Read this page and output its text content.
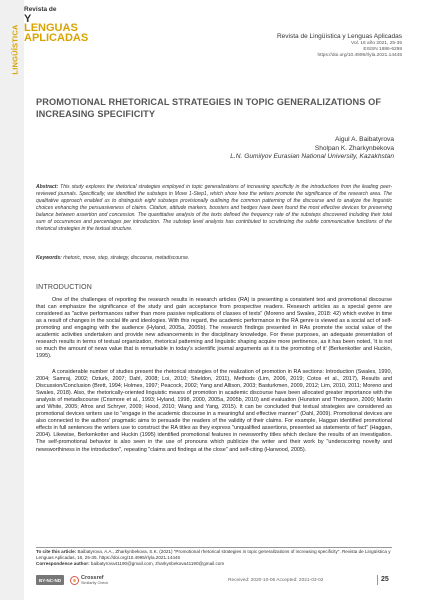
LINGÜÍSTICA
Revista de
Y
LENGUAS
APLICADAS	Revista de Lingüística y Lenguas Aplicadas
Vol. 16 año 2021, 25-35
EISSN 1886-6298
https://doi.org/10.4995/rlyla.2021.14445
PROMOTIONAL RHETORICAL STRATEGIES IN TOPIC GENERALIZATIONS OF INCREASING SPECIFICITY
Aigul A. Baibatyrova
Sholpan K. Zharkynbekova
L.N. Gumilyov Eurasian National University, Kazakhstan
Abstract: This study explores the rhetorical strategies employed in topic generalizations of increasing specificity in the introductions from the leading peer-reviewed journals. Specifically, we identified the substeps in Move 1-Step1, which show how the writers promote the significance of the research area. The qualitative approach enabled us to distinguish eight substeps provisionally outlining the common patterning of the discourse and to analyze the linguistic choices enhancing the persuasiveness of claims. Citation, attitude markers, boosters and hedges have been found the most effective devices for preserving balance between assertion and concession. The quantitative analysis of the texts defined the frequency rate of the substeps discovered including their total sum of occurrences and percentages per introduction. The substep level analysis has contributed to scrutinizing the subtle communicative functions of the rhetorical strategies in the textual structure.
Keywords: rhetoric, move, step, strategy, discourse, metadiscourse.
INTRODUCTION
One of the challenges of reporting the research results in research articles (RA) is presenting a consistent text and promotional discourse that can emphasize the significance of the study and gain acceptance from prospective readers. Research articles as a special genre are considered as "active performances rather than more passive replications of classes of texts" (Moreno and Swales, 2018: 42) which evolve in time as a result of changes in the social life and ideologies. With this regard, the academic performance in the RA genre is viewed as a social act of self-promoting and engaging with the audience (Hyland, 2005a, 2005b). The research findings presented in RAs promote the social value of the academic activities undertaken and provide new advancements in the disciplinary knowledge. For these purposes, an adequate presentation of research results in terms of textual organization, rhetorical patterning and linguistic shaping acquire more pertinence, as it has been noted, 'it is not so much the amount of news value that is remarkable in today's scientific journal arguments as it is the promoting of it' (Berkenkotter and Huckin, 1995).
A considerable number of studies present the rhetorical strategies of the realization of promotion in RA sections: Introduction (Swales, 1990, 2004; Samraj, 2002; Ozturk, 2007; Dahl, 2008; Loi, 2010; Sheldon, 2011), Methods (Lim, 2006, 2019; Cotos et al., 2017), Results and Discussion/Conclusion (Brett, 1994; Holmes, 1997; Peacock, 2002; Yang and Allison, 2003; Basturkmen, 2009, 2012; Lim, 2010, 2011; Moreno and Swales, 2018). Also, the rhetorically-oriented linguistic means of promotion in academic discourse have been allocated greater importance with the analysis of metadiscourse (Crismore et al., 1993; Hyland, 1998, 2000, 2005a, 2005b, 2010) and evaluation (Hunston and Thompson, 2000; Martin and White, 2005; Afros and Schryer, 2009; Hood, 2010; Wang and Yang, 2015). It can be concluded that textual strategies are considered as promotional devices writers use to "engage in the academic discourse in a meaningful and effective manner" (Dahl, 2009). Promotional devices are also connected to the authors' pragmatic aims to persuade the readers of the validity of their claims. For example, Haggan identified promotional effects in full sentences the writers use to construct the RA titles as they express "unqualified assertions, presented as statements of fact" (Haggan, 2004). Likewise, Berkenkotter and Huckin (1995) identified promotional features in newsworthy titles which declare the results of an investigation. The self-promotional behavior is also seen in the use of pronouns which publicize the writer and their work by "underscoring novelty and newsworthiness in the introduction", repeating "claims and findings at the close" and self-citing (Harwood, 2005).
To cite this article: Baibatyrova, A.A., Zharkynbekova, S.K. (2021) "Promotional rhetorical strategies in topic generalizations of increasing specificity". Revista de Lingüística y Lenguas Aplicadas, 16, 25-35. https://doi.org/10.4995/rlyla.2021.14445
Correspondence author: baibatyrova41190@gmail.com, zharkynbekova41190@gmail.com
BY-NC-ND	Crossref
Similarity Check	Received: 2020-10-06 Accepted: 2021-03-02	25
